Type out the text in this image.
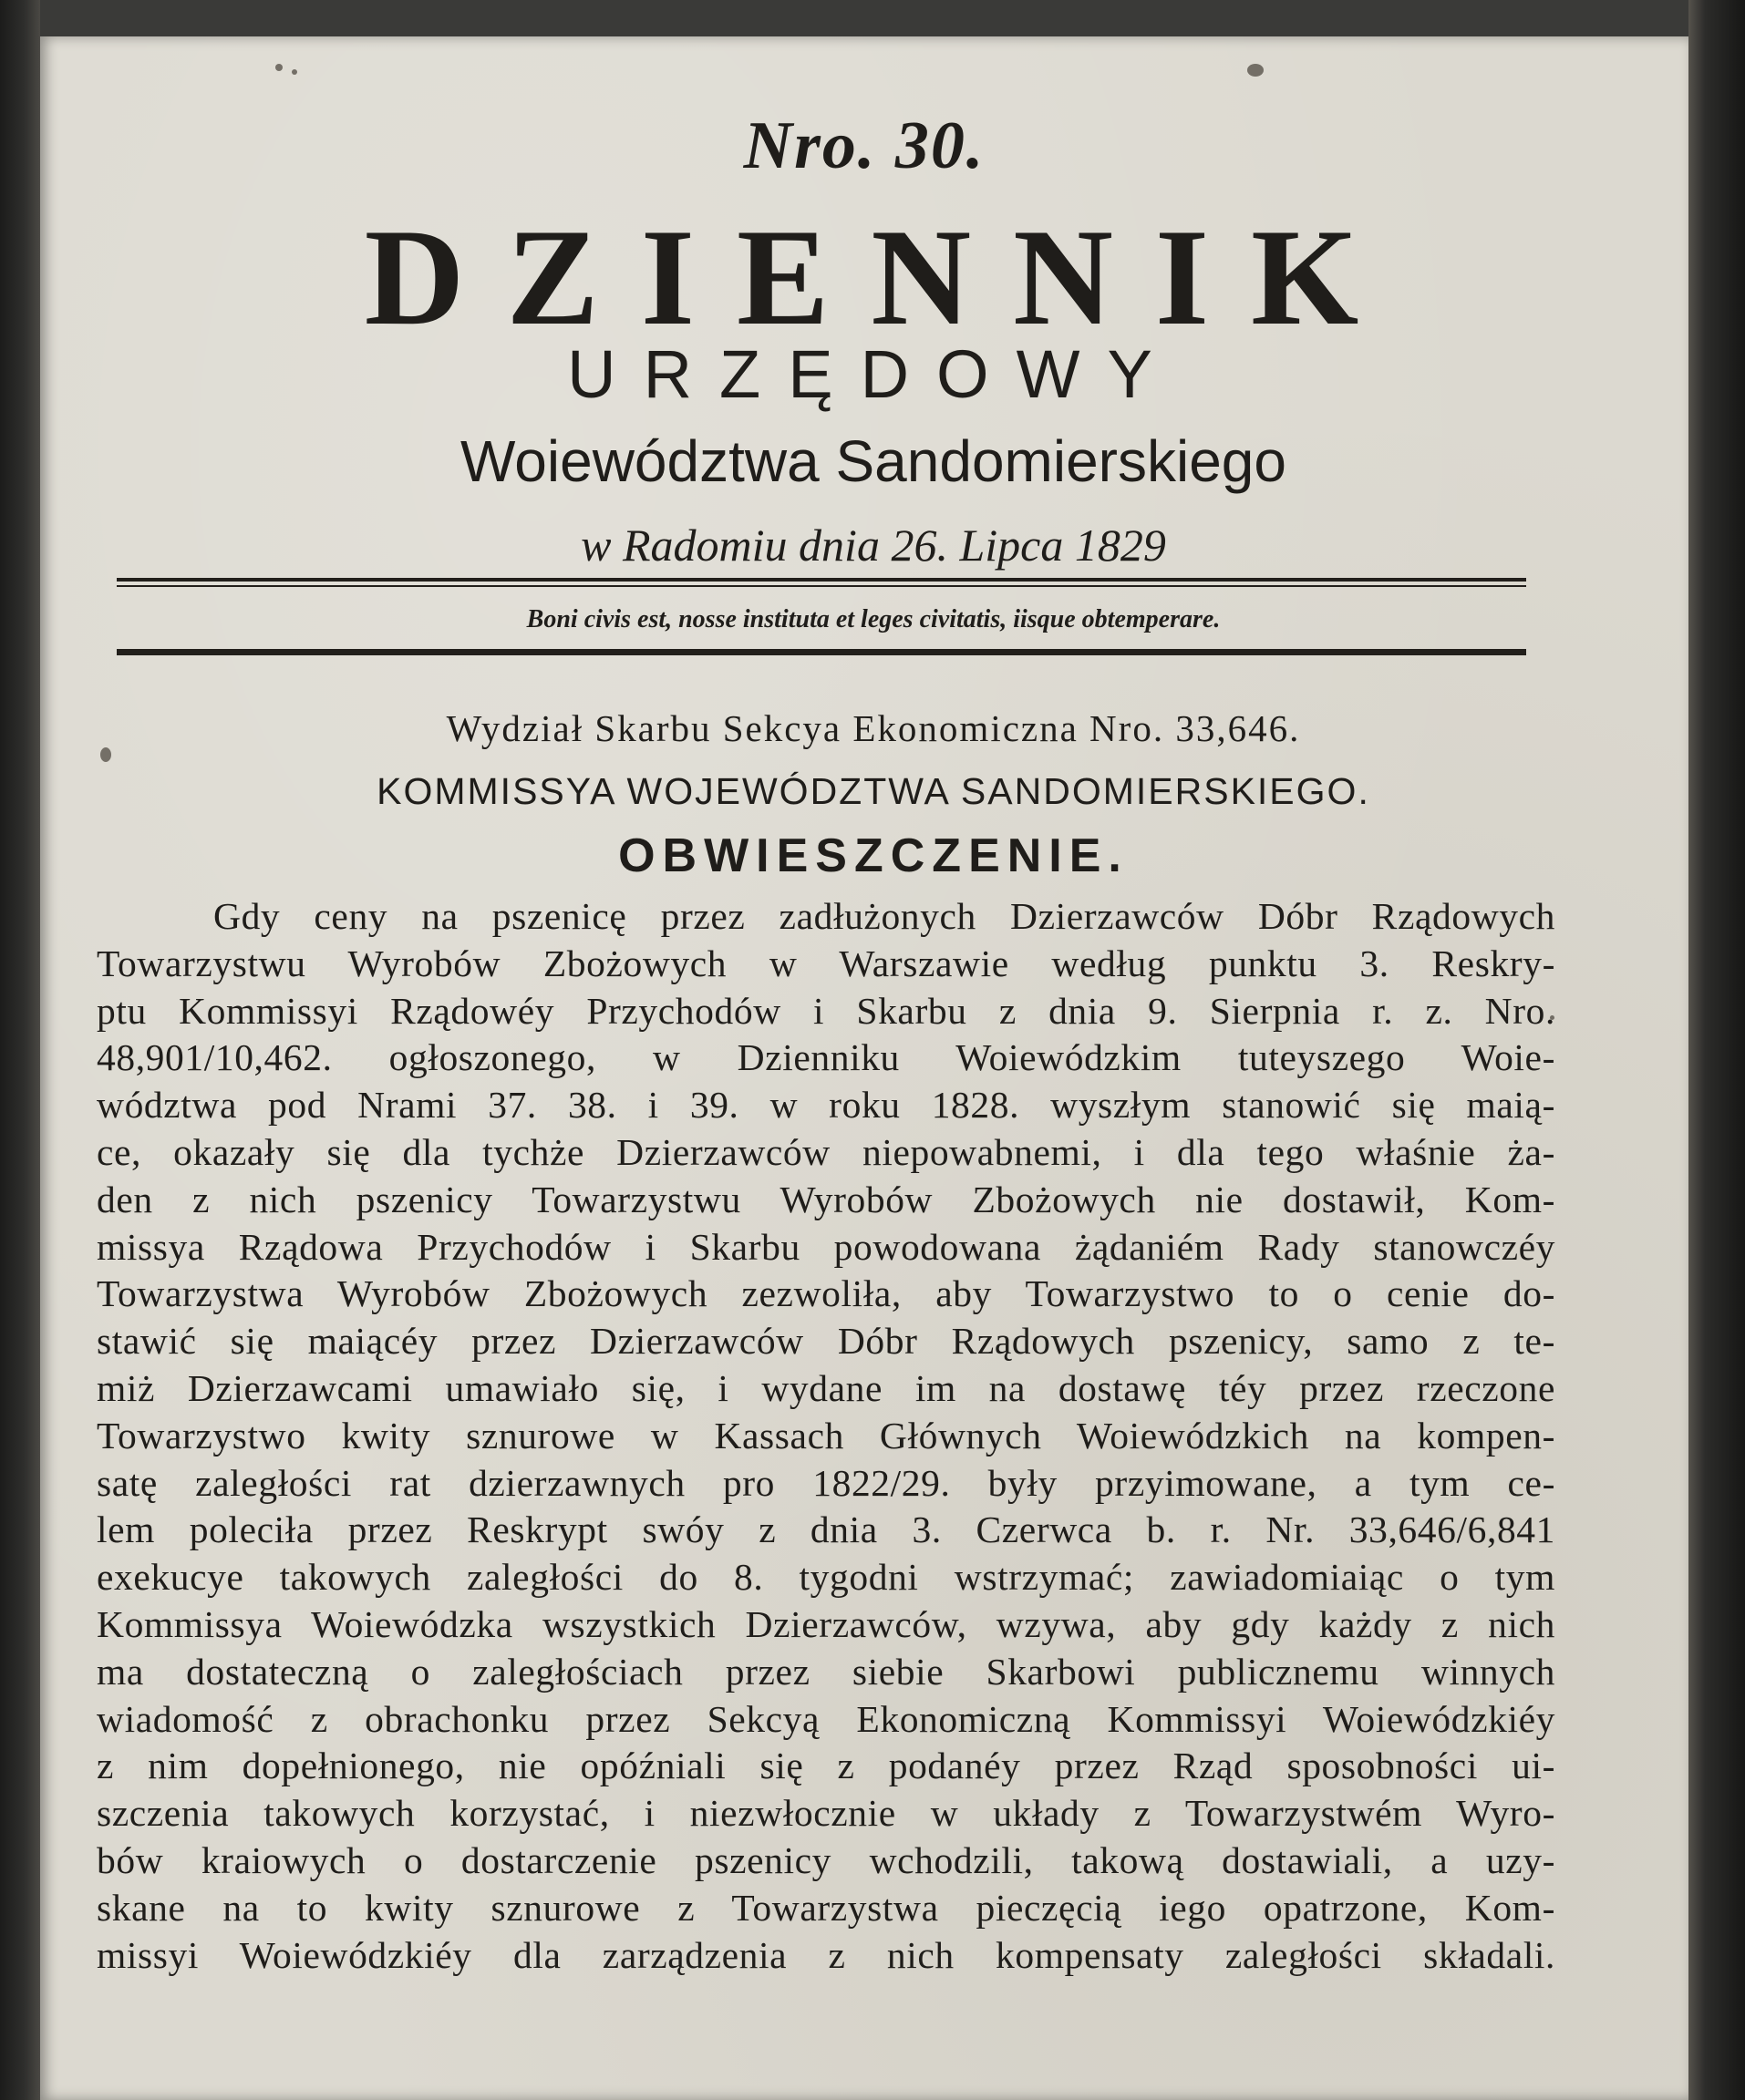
Nro. 30.
DZIENNIK
URZĘDOWY
Woiewództwa Sandomierskiego
w Radomiu dnia 26. Lipca 1829
Boni civis est, nosse instituta et leges civitatis, iisque obtemperare.
Wydział Skarbu Sekcya Ekonomiczna Nro. 33,646.
KOMMISSYA WOJEWÓDZTWA SANDOMIERSKIEGO.
OBWIESZCZENIE.
Gdy ceny na pszenicę przez zadłużonych Dzierzawców Dóbr Rządowych
Towarzystwu Wyrobów Zbożowych w Warszawie według punktu 3. Reskry-
ptu Kommissyi Rządowéy Przychodów i Skarbu z dnia 9. Sierpnia r. z. Nro.
48,901/10,462. ogłoszonego, w Dzienniku Woiewódzkim tuteyszego Woie-
wództwa pod Nrami 37. 38. i 39. w roku 1828. wyszłym stanowić się maią-
ce, okazały się dla tychże Dzierzawców niepowabnemi, i dla tego właśnie ża-
den z nich pszenicy Towarzystwu Wyrobów Zbożowych nie dostawił, Kom-
missya Rządowa Przychodów i Skarbu powodowana żądaniém Rady stanowczéy
Towarzystwa Wyrobów Zbożowych zezwoliła, aby Towarzystwo to o cenie do-
stawić się maiącéy przez Dzierzawców Dóbr Rządowych pszenicy, samo z te-
miż Dzierzawcami umawiało się, i wydane im na dostawę téy przez rzeczone
Towarzystwo kwity sznurowe w Kassach Głównych Woiewódzkich na kompen-
satę zaległości rat dzierzawnych pro 1822/29. były przyimowane, a tym ce-
lem poleciła przez Reskrypt swóy z dnia 3. Czerwca b. r. Nr. 33,646/6,841
exekucye takowych zaległości do 8. tygodni wstrzymać; zawiadomiaiąc o tym
Kommissya Woiewódzka wszystkich Dzierzawców, wzywa, aby gdy każdy z nich
ma dostateczną o zaległościach przez siebie Skarbowi publicznemu winnych
wiadomość z obrachonku przez Sekcyą Ekonomiczną Kommissyi Woiewódzkiéy
z nim dopełnionego, nie opóźniali się z podanéy przez Rząd sposobności ui-
szczenia takowych korzystać, i niezwłocznie w układy z Towarzystwém Wyro-
bów kraiowych o dostarczenie pszenicy wchodzili, takową dostawiali, a uzy-
skane na to kwity sznurowe z Towarzystwa pieczęcią iego opatrzone, Kom-
missyi Woiewódzkiéy dla zarządzenia z nich kompensaty zaległości składali.
